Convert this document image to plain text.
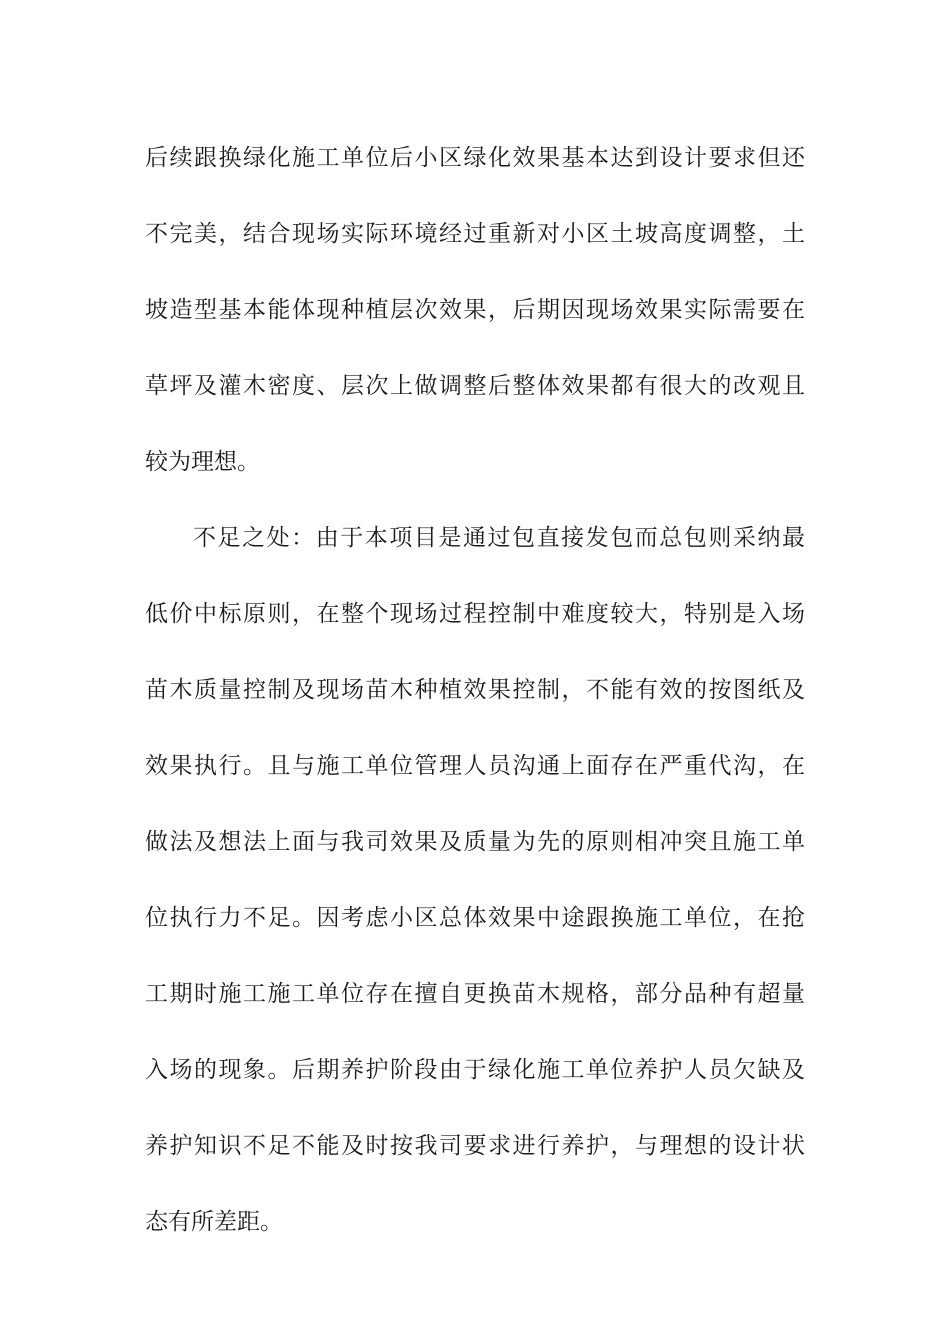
后续跟换绿化施工单位后小区绿化效果基本达到设计要求但还
不完美，结合现场实际环境经过重新对小区土坡高度调整，土
坡造型基本能体现种植层次效果，后期因现场效果实际需要在
草坪及灌木密度、层次上做调整后整体效果都有很大的改观且
较为理想。
不足之处：由于本项目是通过包直接发包而总包则采纳最
低价中标原则，在整个现场过程控制中难度较大，特别是入场
苗木质量控制及现场苗木种植效果控制，不能有效的按图纸及
效果执行。且与施工单位管理人员沟通上面存在严重代沟，在
做法及想法上面与我司效果及质量为先的原则相冲突且施工单
位执行力不足。因考虑小区总体效果中途跟换施工单位，在抢
工期时施工施工单位存在擅自更换苗木规格，部分品种有超量
入场的现象。后期养护阶段由于绿化施工单位养护人员欠缺及
养护知识不足不能及时按我司要求进行养护，与理想的设计状
态有所差距。
